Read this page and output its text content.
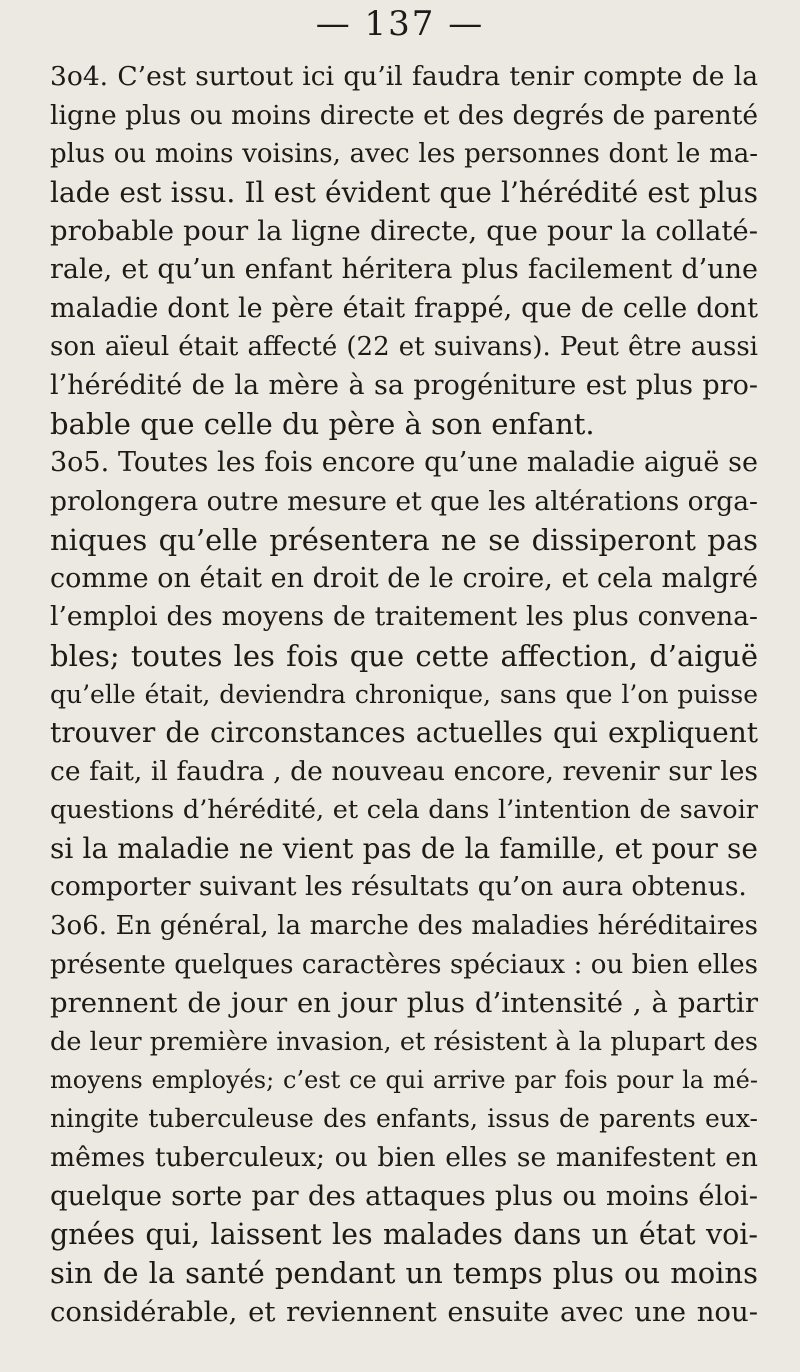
— 137 —
3o4. C’est surtout ici qu’il faudra tenir compte de la
ligne plus ou moins directe et des degrés de parenté
plus ou moins voisins, avec les personnes dont le ma-
lade est issu. Il est évident que l’hérédité est plus
probable pour la ligne directe, que pour la collaté-
rale, et qu’un enfant héritera plus facilement d’une
maladie dont le père était frappé, que de celle dont
son aïeul était affecté (22 et suivans). Peut être aussi
l’hérédité de la mère à sa progéniture est plus pro-
bable que celle du père à son enfant.
3o5. Toutes les fois encore qu’une maladie aiguë se
prolongera outre mesure et que les altérations orga-
niques qu’elle présentera ne se dissiperont pas
comme on était en droit de le croire, et cela malgré
l’emploi des moyens de traitement les plus convena-
bles; toutes les fois que cette affection, d’aiguë
qu’elle était, deviendra chronique, sans que l’on puisse
trouver de circonstances actuelles qui expliquent
ce fait, il faudra , de nouveau encore, revenir sur les
questions d’hérédité, et cela dans l’intention de savoir
si la maladie ne vient pas de la famille, et pour se
comporter suivant les résultats qu’on aura obtenus.
3o6. En général, la marche des maladies héréditaires
présente quelques caractères spéciaux : ou bien elles
prennent de jour en jour plus d’intensité , à partir
de leur première invasion, et résistent à la plupart des
moyens employés; c’est ce qui arrive par fois pour la mé-
ningite tuberculeuse des enfants, issus de parents eux-
mêmes tuberculeux; ou bien elles se manifestent en
quelque sorte par des attaques plus ou moins éloi-
gnées qui, laissent les malades dans un état voi-
sin de la santé pendant un temps plus ou moins
considérable, et reviennent ensuite avec une nou-
